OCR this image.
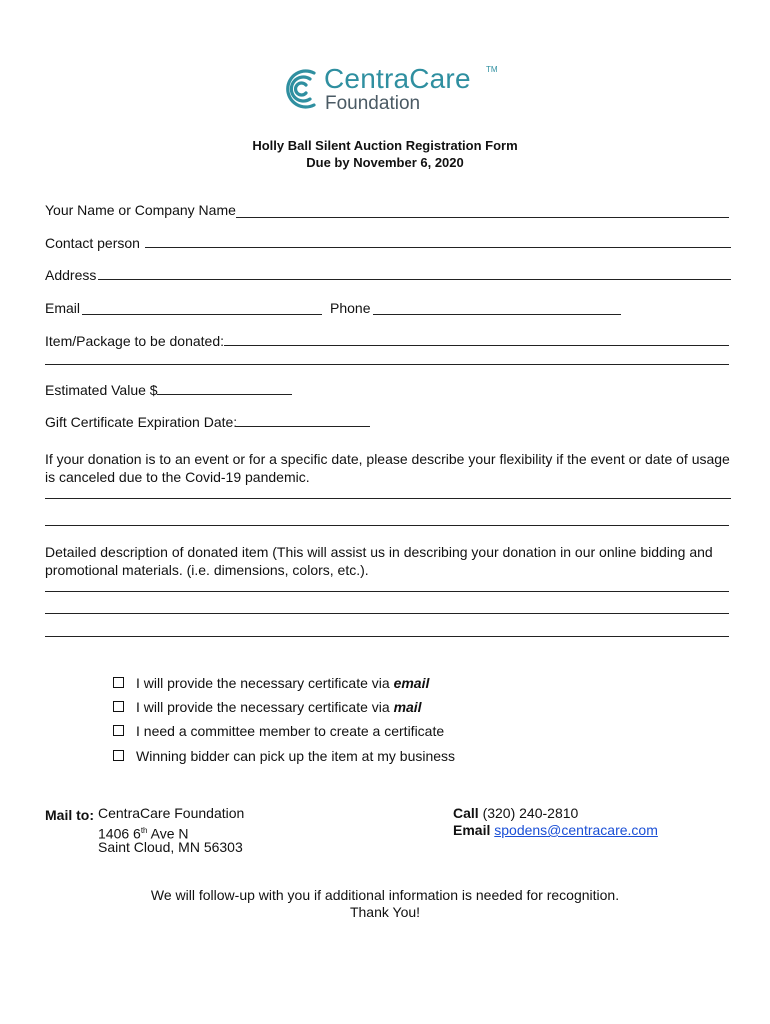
CentraCare TM
Foundation
Holly Ball Silent Auction Registration Form
Due by November 6, 2020
Your Name or Company Name
Contact person
Address
Email	Phone
Item/Package to be donated:
Estimated Value $
Gift Certificate Expiration Date:
If your donation is to an event or for a specific date, please describe your flexibility if the event or date of usage
is canceled due to the Covid-19 pandemic.
Detailed description of donated item (This will assist us in describing your donation in our online bidding and
promotional materials. (i.e. dimensions, colors, etc.).
I will provide the necessary certificate via email
I will provide the necessary certificate via mail
I need a committee member to create a certificate
Winning bidder can pick up the item at my business
Mail to: CentraCare Foundation
1406 6th Ave N
Saint Cloud, MN 56303
Call (320) 240-2810
Email spodens@centracare.com
We will follow-up with you if additional information is needed for recognition.
Thank You!
